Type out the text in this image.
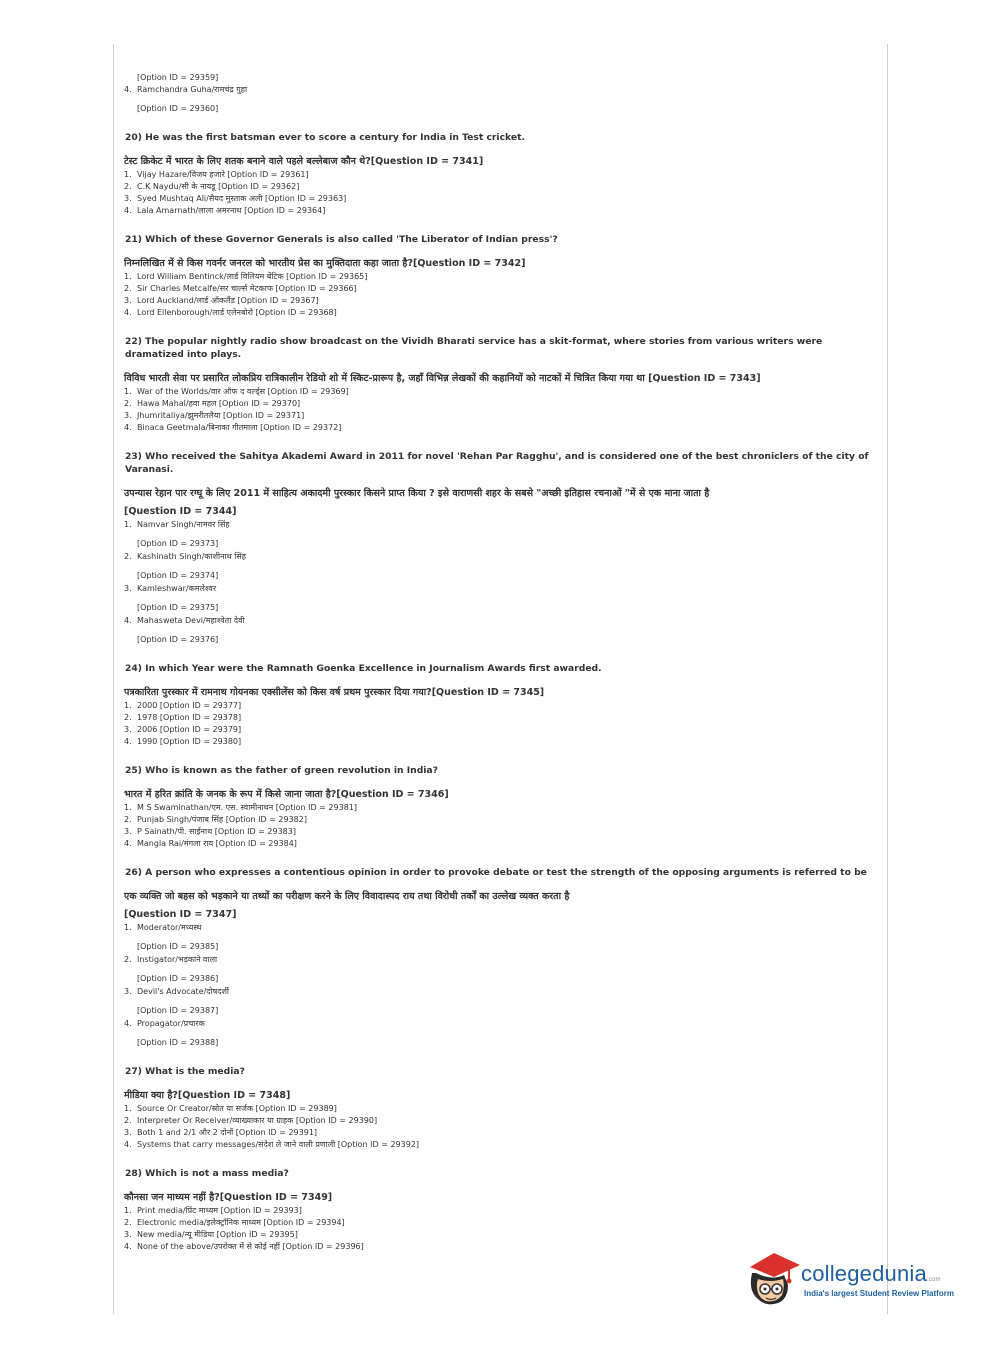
[Option ID = 29359]
4. Ramchandra Guha/रामचंद्र गुहा
[Option ID = 29360]
20) He was the first batsman ever to score a century for India in Test cricket.
टेस्ट क्रिकेट में भारत के लिए शतक बनाने वाले पहले बल्लेबाज कौन थे?[Question ID = 7341]
1. Vijay Hazare/विजय हजारे [Option ID = 29361]
2. C.K Naydu/सी के नायडू [Option ID = 29362]
3. Syed Mushtaq Ali/सैयद मुस्ताक अली [Option ID = 29363]
4. Lala Amarnath/लाला अमरनाथ [Option ID = 29364]
21) Which of these Governor Generals is also called 'The Liberator of Indian press'?
निम्नलिखित में से किस गवर्नर जनरल को भारतीय प्रेस का मुक्तिदाता कहा जाता है?[Question ID = 7342]
1. Lord William Bentinck/लार्ड विलियम बेंटिक [Option ID = 29365]
2. Sir Charles Metcalfe/सर चार्ल्स मेटकाफ [Option ID = 29366]
3. Lord Auckland/लार्ड ऑकलैंड [Option ID = 29367]
4. Lord Ellenborough/लार्ड एलेनबोरो [Option ID = 29368]
22) The popular nightly radio show broadcast on the Vividh Bharati service has a skit-format, where stories from various writers were dramatized into plays.
विविध भारती सेवा पर प्रसारित लोकप्रिय रात्रिकालीन रेडियो शो में स्किट-प्रारूप है, जहाँ विभिन्न लेखकों की कहानियों को नाटकों में चित्रित किया गया था [Question ID = 7343]
1. War of the Worlds/वार ऑफ द वर्ल्ड्स [Option ID = 29369]
2. Hawa Mahal/हवा महल [Option ID = 29370]
3. Jhumritaliya/झुमरीतलैया [Option ID = 29371]
4. Binaca Geetmala/बिनाका गीतमाला [Option ID = 29372]
23) Who received the Sahitya Akademi Award in 2011 for novel 'Rehan Par Ragghu', and is considered one of the best chroniclers of the city of Varanasi.
उपन्यास रेहान पार रग्घू के लिए 2011 में साहित्य अकादमी पुरस्कार किसने प्राप्त किया ? इसे वाराणसी शहर के सबसे "अच्छी इतिहास रचनाओं "में से एक माना जाता है
[Question ID = 7344]
1. Namvar Singh/नामवर सिंह
[Option ID = 29373]
2. Kashinath Singh/काशीनाथ सिंह
[Option ID = 29374]
3. Kamleshwar/कमलेश्वर
[Option ID = 29375]
4. Mahasweta Devi/महाश्वेता देवी
[Option ID = 29376]
24) In which Year were the Ramnath Goenka Excellence in Journalism Awards first awarded.
पत्रकारिता पुरस्कार में रामनाथ गोयनका एक्सीलेंस को किस वर्ष प्रथम पुरस्कार दिया गया?[Question ID = 7345]
1. 2000 [Option ID = 29377]
2. 1978 [Option ID = 29378]
3. 2006 [Option ID = 29379]
4. 1990 [Option ID = 29380]
25) Who is known as the father of green revolution in India?
भारत में हरित क्रांति के जनक के रूप में किसे जाना जाता है?[Question ID = 7346]
1. M S Swaminathan/एम. एस. स्वामीनाथन [Option ID = 29381]
2. Punjab Singh/पंजाब सिंह [Option ID = 29382]
3. P Sainath/पी. साईनाथ [Option ID = 29383]
4. Mangla Rai/मंगला राय [Option ID = 29384]
26) A person who expresses a contentious opinion in order to provoke debate or test the strength of the opposing arguments is referred to be
एक व्यक्ति जो बहस को भड़काने या तथ्यों का परीक्षण करने के लिए विवादास्पद राय तथा विरोधी तर्कों का उल्लेख व्यक्त करता है
[Question ID = 7347]
1. Moderator/मध्यस्थ
[Option ID = 29385]
2. Instigator/भड़काने वाला
[Option ID = 29386]
3. Devil's Advocate/दोषदर्शी
[Option ID = 29387]
4. Propagator/प्रचारक
[Option ID = 29388]
27) What is the media?
मीडिया क्या है?[Question ID = 7348]
1. Source Or Creator/स्रोत या सर्जक [Option ID = 29389]
2. Interpreter Or Receiver/व्याख्याकार या ग्राहक [Option ID = 29390]
3. Both 1 and 2/1 और 2 दोनों [Option ID = 29391]
4. Systems that carry messages/संदेश ले जाने वाली प्रणाली [Option ID = 29392]
28) Which is not a mass media?
कौनसा जन माध्यम नहीं है?[Question ID = 7349]
1. Print media/प्रिंट माध्यम [Option ID = 29393]
2. Electronic media/इलेक्ट्रॉनिक माध्यम [Option ID = 29394]
3. New media/न्यू मीडिया [Option ID = 29395]
4. None of the above/उपरोक्त में से कोई नहीं [Option ID = 29396]
collegedunia.com
India's largest Student Review Platform
